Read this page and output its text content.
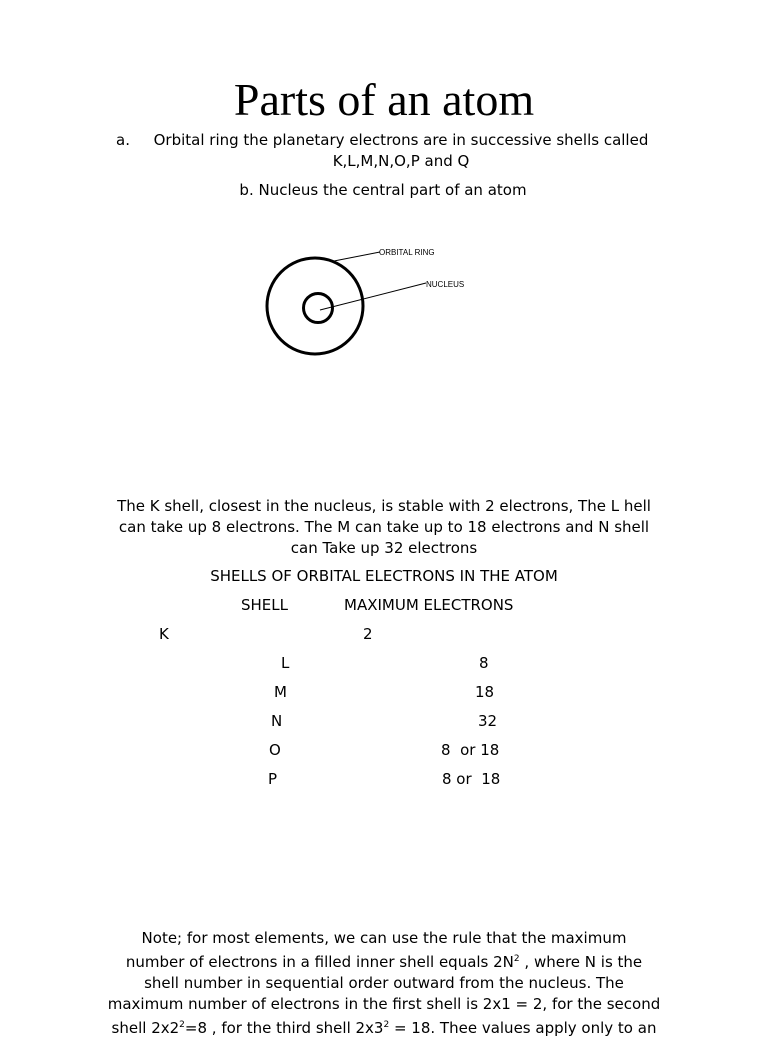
Parts of an atom
a.	Orbital ring the planetary electrons are in successive shells called
K,L,M,N,O,P and Q
b. Nucleus the central part of an atom
ORBITAL RING
NUCLEUS
The K shell, closest in the nucleus, is stable with 2 electrons, The L hell
can take up 8 electrons. The M can take up to 18 electrons and N shell
can Take up 32 electrons
SHELLS OF ORBITAL ELECTRONS IN THE ATOM
SHELL	MAXIMUM ELECTRONS
K	2
L	8
M	18
N	32
O	8  or 18
P	8 or  18
Note; for most elements, we can use the rule that the maximum
number of electrons in a filled inner shell equals $2N^2$ , where N is the
shell number in sequential order outward from the nucleus. The
maximum number of electrons in the first shell is 2x1 = 2, for the second
shell $2x2^2=8$ , for the third shell $2x3^2 = 18$. Thee values apply only to an
